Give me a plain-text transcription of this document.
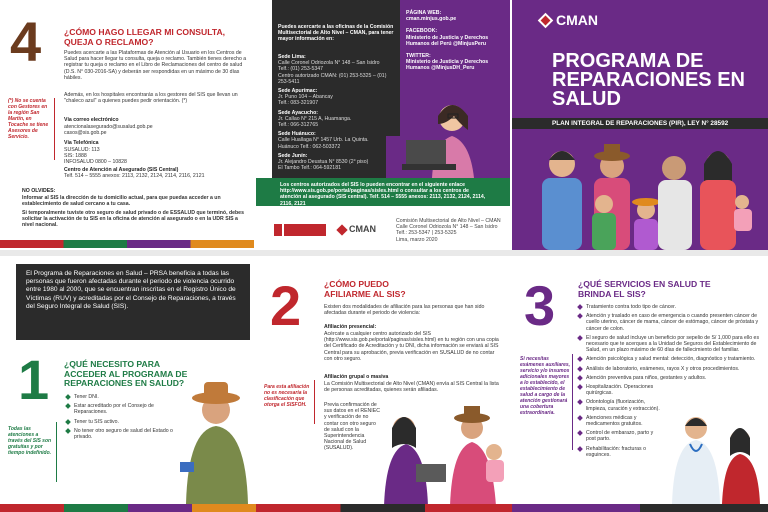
4	¿CÓMO HAGO LLEGAR MI CONSULTA, QUEJA O RECLAMO?
Puedes acercarte a las Plataformas de Atención al Usuario en los Centros de Salud para hacer llegar tu consulta, queja o reclamo. También tienes derecho a registrar tu queja o reclamo en el Libro de Reclamaciones del centro de salud (D.S. N° 030-2016-SA) y deberán ser respondidas en un máximo de 30 días hábiles.
Además, en los hospitales encontrarás a los gestores del SIS que llevan un "chaleco azul" a quienes puedes pedir orientación. (*)
(*) No se cuenta con Gestores en la región San Martín, en Tocache se tiene Asesores de Servicio.
Vía correo electrónico
atencionalasegurado@susalud.gob.pe
casos@sis.gob.pe
Vía Telefónica
SUSALUD: 113
SIS: 1888
INFOSALUD 0800 – 10828
Centro de Atención al Asegurado (SIS Central)
Telf. 514 – 5555 anexos: 2113, 2132, 2124, 2114, 2116, 2121
NO OLVIDES:
Informar al SIS la dirección de tu domicilio actual, para que puedas acceder a un establecimiento de salud cercano a tu casa.
Si temporalmente tuviste otro seguro de salud privado o de ESSALUD que terminó, debes solicitar la activación de tu SIS en la oficina de atención al asegurado o en la UDR SIS a nivel nacional.
Puedes acercarte a las oficinas de la Comisión Multisectorial de Alto Nivel – CMAN, para tener mayor información en:
Sede Lima:
Calle Coronel Odriozola N° 148 – San Isidro
Telf.: (01) 253-5347
Centro autorizado CMAN: (01) 253-5325 – (01) 253-5411
Sede Apurímac:
Jr. Puno 104 – Abancay
Telf.: 083-321907
Sede Ayacucho:
Jr. Callao N° 215 A, Huamanga.
Telf.: 066-312765
Sede Huánuco:
Calle Huallaga N° 1457 Urb. La Quinta.
Huánuco Telf.: 062-503372
Sede Junín:
Jr. Alejandro Deustua N° 8530 (2° piso)
El Tambo Telf.: 064-592181
PÁGINA WEB:
cman.minjus.gob.pe
FACEBOOK:
Ministerio de Justicia y Derechos Humanos del Perú @MinjusPeru
TWITTER:
Ministerio de Justicia y Derechos Humanos @MinjusDH_Peru
Los centros autorizados del SIS lo pueden encontrar en el siguiente enlace http://www.sis.gob.pe/portal/paginas/sisles.html o consultar a los centros de atención al asegurado (SIS central). Telf. 514 – 5555 anexos: 2113, 2132, 2124, 2114, 2116, 2121
CMAN
Comisión Multisectorial de Alto Nivel – CMAN
Calle Coronel Odriozola N° 148 – San Isidro
Telf.: 253-5347 | 253-5325
Lima, marzo 2020
CMAN
PROGRAMA DE REPARACIONES EN SALUD
PLAN INTEGRAL DE REPARACIONES (PIR), LEY N° 28592
El Programa de Reparaciones en Salud – PRSA beneficia a todas las personas que fueron afectadas durante el periodo de violencia ocurrido entre 1980 al 2000, que se encuentran inscritas en el Registro Único de Víctimas (RUV) y acreditadas por el Consejo de Reparaciones, a través del Seguro Integral de Salud (SIS).
1 ¿QUÉ NECESITO PARA ACCEDER AL PROGRAMA DE REPARACIONES EN SALUD?
Tener DNI.
Estar acreditado por el Consejo de Reparaciones.
Tener tu SIS activo.
No tener otro seguro de salud del Estado o privado.
Todas las atenciones a través del SIS son gratuitas y por tiempo indefinido.
2	¿CÓMO PUEDO AFILIARME AL SIS?
Existen dos modalidades de afiliación para las personas que han sido afectadas durante el periodo de violencia:
Afiliación presencial:
Acércate a cualquier centro autorizado del SIS (http://www.sis.gob.pe/portal/paginas/sisles.html) en tu región con una copia del Certificado de Acreditación y tu DNI, dicha información se enviará al SIS Central para su aprobación, previa verificación en SUSALUD de no contar con otro seguro.
Afiliación grupal o masiva
La Comisión Multisectorial de Alto Nivel (CMAN) envía al SIS Central la lista de personas acreditadas, quienes serán afiliadas.
Previa confirmación de sus datos en el RENIEC y verificación de no contar con otro seguro de salud con la Superintendencia Nacional de Salud (SUSALUD).
Para esta afiliación no es necesaria la clasificación que otorga el SISFOH.
3	¿QUÉ SERVICIOS EN SALUD TE BRINDA EL SIS?
Tratamiento contra todo tipo de cáncer.
Atención y traslado en caso de emergencia o cuando presenten cáncer de cuello uterino, cáncer de mama, cáncer de estómago, cáncer de próstata y cáncer de colon.
El seguro de salud incluye un beneficio por sepelio de S/ 1,000 para ello es necesario que te acerques a la Unidad de Seguros del Establecimiento de Salud, en un plazo máximo de 60 días de fallecimiento del familiar.
Atención psicológica y salud mental: detección, diagnóstico y tratamiento.
Análisis de laboratorio, exámenes, rayos X y otros procedimientos.
Atención preventiva para niños, gestantes y adultos.
Hospitalización. Operaciones quirúrgicas.
Odontología (fluorización, limpieza, curación y extracción).
Atenciones médicas y medicamentos gratuitos.
Control de embarazo, parto y post parto.
Rehabilitación: fracturas o esguinces.
Si necesitas exámenes auxiliares, servicio y/o insumos adicionales mayores a lo establecido, el establecimiento de salud a cargo de la atención gestionará una cobertura extraordinaria.
